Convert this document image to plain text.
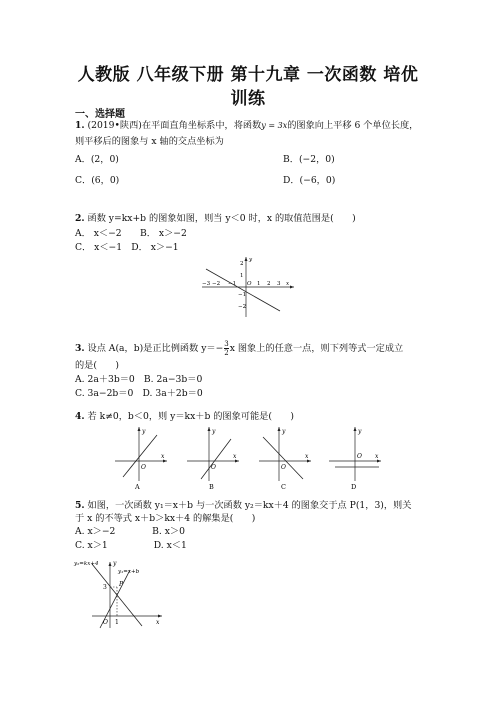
人教版 八年级下册 第十九章 一次函数 培优
训练
一、选择题
1. (2019•陕西)在平面直角坐标系中，将函数y = 3x的图象向上平移 6 个单位长度，
则平移后的图象与 x 轴的交点坐标为
A．(2，0)	B．(−2，0)
C．(6，0)	D．(−6，0)
2. 函数 y=kx+b 的图象如图，则当 y＜0 时，x 的取值范围是(　　)
A． x＜−2　　B． x＞−2
C． x＜−1　D． x＞−1
−3 −2 −1 O 1 2 3 x
2
1
−1
−2
y
3. 设点 A(a，b)是正比例函数 $y=- \frac{3}{2}$ x 图象上的任意一点，则下列等式一定成立
的是(　　)
A. 2a＋3b＝0　B. 2a−3b＝0
C. 3a−2b＝0　D. 3a＋2b＝0
4. 若 k≠0，b＜0，则 y＝kx＋b 的图象可能是(　　)
O
x
y
A
O
x
y
B
O
x
y
C
O x
y
D
5. 如图，一次函数 y₁＝x＋b 与一次函数 y₂＝kx＋4 的图象交于点 P(1，3)，则关
于 x 的不等式 x＋b＞kx＋4 的解集是(　　)
A. x＞−2　　　　B. x＞0
C. x＞1　　　　　D. x＜1
y₂=kx+4
y₁=x+b
P
3
1
O	x
y
